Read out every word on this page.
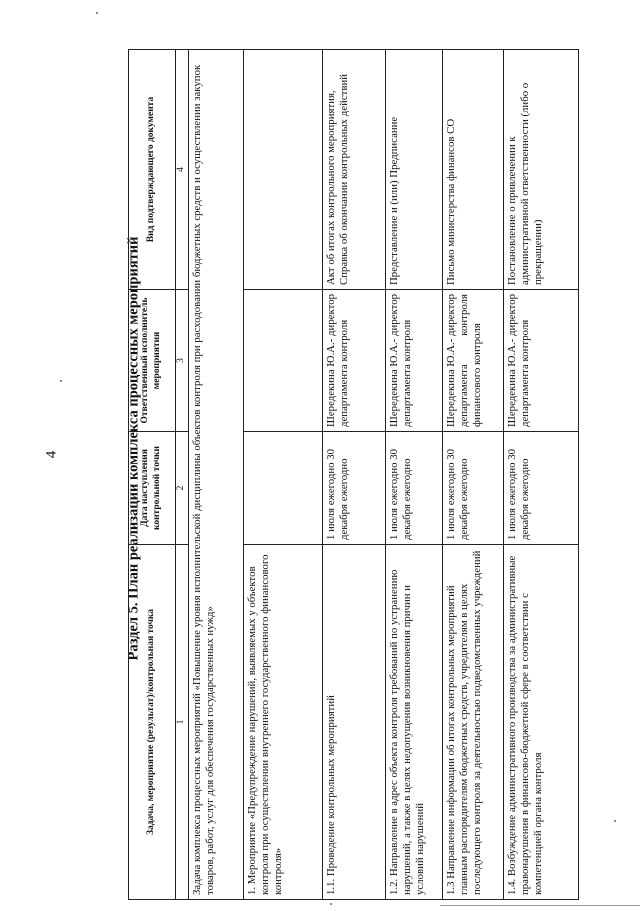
4	Раздел 5. План реализации комплекса процессных мероприятий
Задача, мероприятие (результат)/контрольная точка	Дата наступления контрольной точки	Ответственный исполнитель мероприятия	Вид подтверждающего документа
1	2	3	4
Задача комплекса процессных мероприятий «Повышение уровня исполнительской дисциплины объектов контроля при расходовании бюджетных средств и осуществлении закупок товаров, работ, услуг для обеспечения государственных нужд»			
1. Мероприятие «Предупреждение нарушений, выявляемых у объектов контроля при осуществлении внутреннего государственного финансового контроля»			
1.1. Проведение контрольных мероприятий	1 июля ежегодно 30 декабря ежегодно	Шередекина Ю.А.- директор департамента контроля	Акт об итогах контрольного мероприятия, Справка об окончании контрольных действий
1.2. Направление в адрес объекта контроля требований по устранению нарушений, а также в целях недопущения возникновения причин и условий нарушений	1 июля ежегодно 30 декабря ежегодно	Шередекина Ю.А.- директор департамента контроля	Представление и (или) Предписание
1.3 Направление информации об итогах контрольных мероприятий главным распорядителям бюджетных средств, учредителям в целях последующего контроля за деятельностью подведомственных учреждений	1 июля ежегодно 30 декабря ежегодно	Шередекина Ю.А.- директор департамента контроля финансового контроля	Письмо министерства финансов СО
1.4. Возбуждение административного производства за административные правонарушения в финансово-бюджетной сфере в соответствии с компетенцией органа контроля	1 июля ежегодно 30 декабря ежегодно	Шередекина Ю.А.- директор департамента контроля	Постановление о привлечении к административной ответственности (либо о прекращении)
